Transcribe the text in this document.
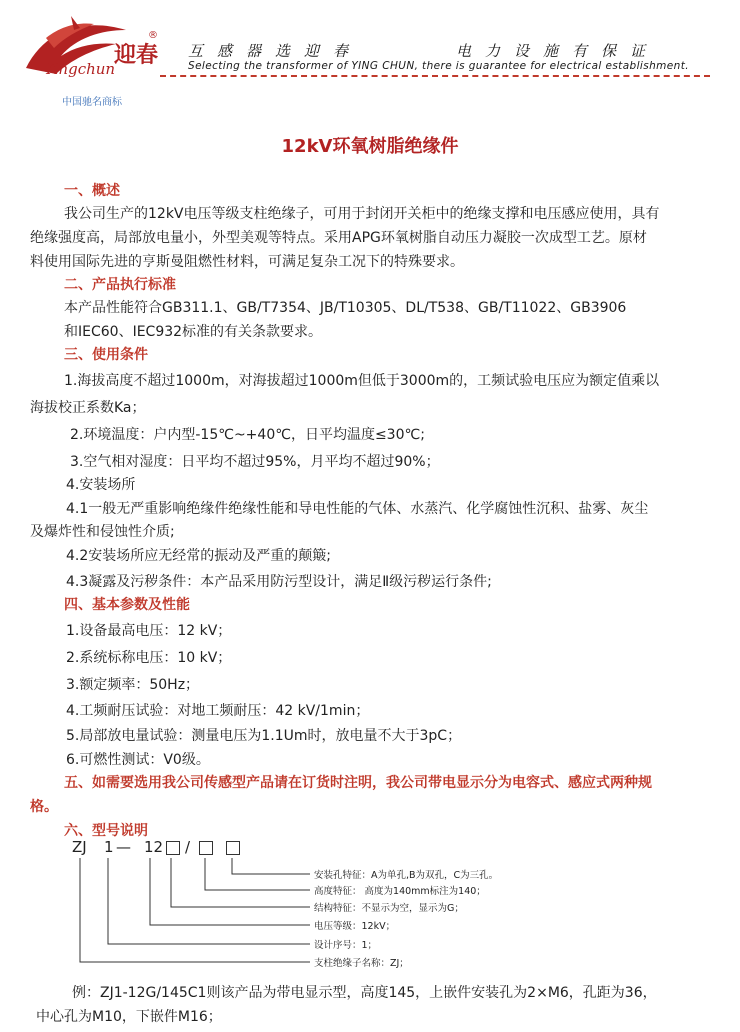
Yingchun
迎春
®
中国驰名商标
互感器选迎春	电力设施有保证
Selecting the transformer of YING CHUN, there is guarantee for electrical establishment.
12kV环氧树脂绝缘件
一、概述
我公司生产的12kV电压等级支柱绝缘子，可用于封闭开关柜中的绝缘支撑和电压感应使用，具有
绝缘强度高，局部放电量小，外型美观等特点。采用APG环氧树脂自动压力凝胶一次成型工艺。原材
料使用国际先进的亨斯曼阻燃性材料，可满足复杂工况下的特殊要求。
二、产品执行标准
本产品性能符合GB311.1、GB/T7354、JB/T10305、DL/T538、GB/T11022、GB3906
和IEC60、IEC932标准的有关条款要求。
三、使用条件
1.海拔高度不超过1000m，对海拔超过1000m但低于3000m的，工频试验电压应为额定值乘以
海拔校正系数Ka；
2.环境温度：户内型-15℃~+40℃，日平均温度≤30℃;
3.空气相对湿度：日平均不超过95%，月平均不超过90%；
4.安装场所
4.1一般无严重影响绝缘件绝缘性能和导电性能的气体、水蒸汽、化学腐蚀性沉积、盐雾、灰尘
及爆炸性和侵蚀性介质;
4.2安装场所应无经常的振动及严重的颠簸;
4.3凝露及污秽条件：本产品采用防污型设计，满足Ⅱ级污秽运行条件;
四、基本参数及性能
1.设备最高电压：12 kV；
2.系统标称电压：10 kV；
3.额定频率：50Hz；
4.工频耐压试验：对地工频耐压：42 kV/1min；
5.局部放电量试验：测量电压为1.1Um时，放电量不大于3pC；
6.可燃性测试：V0级。
五、如需要选用我公司传感型产品请在订货时注明，我公司带电显示分为电容式、感应式两种规
格。
六、型号说明
ZJ 1 — 12 /
安装孔特征：A为单孔,B为双孔，C为三孔。
高度特征： 高度为140mm标注为140；
结构特征：不显示为空，显示为G；
电压等级：12kV；
设计序号：1；
支柱绝缘子名称：ZJ；
例：ZJ1-12G/145C1则该产品为带电显示型，高度145，上嵌件安装孔为2×M6，孔距为36，
中心孔为M10，下嵌件M16；
